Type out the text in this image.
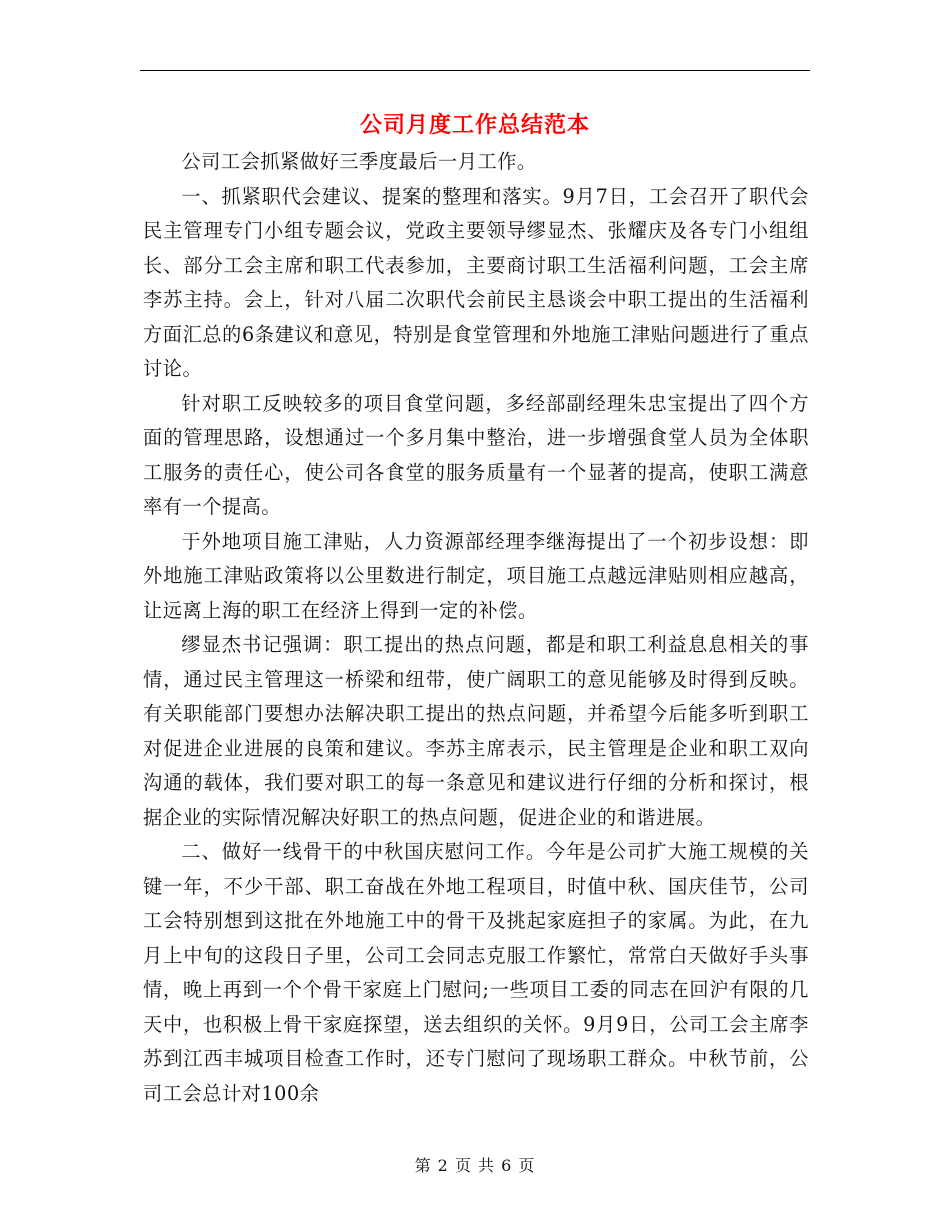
公司月度工作总结范本

公司工会抓紧做好三季度最后一月工作。

一、抓紧职代会建议、提案的整理和落实。9月7日，工会召开了职代会民主管理专门小组专题会议，党政主要领导缪显杰、张耀庆及各专门小组组长、部分工会主席和职工代表参加，主要商讨职工生活福利问题，工会主席李苏主持。会上，针对八届二次职代会前民主恳谈会中职工提出的生活福利方面汇总的6条建议和意见，特别是食堂管理和外地施工津贴问题进行了重点讨论。

针对职工反映较多的项目食堂问题，多经部副经理朱忠宝提出了四个方面的管理思路，设想通过一个多月集中整治，进一步增强食堂人员为全体职工服务的责任心，使公司各食堂的服务质量有一个显著的提高，使职工满意率有一个提高。

于外地项目施工津贴，人力资源部经理李继海提出了一个初步设想：即外地施工津贴政策将以公里数进行制定，项目施工点越远津贴则相应越高，让远离上海的职工在经济上得到一定的补偿。

缪显杰书记强调：职工提出的热点问题，都是和职工利益息息相关的事情，通过民主管理这一桥梁和纽带，使广阔职工的意见能够及时得到反映。有关职能部门要想办法解决职工提出的热点问题，并希望今后能多听到职工对促进企业进展的良策和建议。李苏主席表示，民主管理是企业和职工双向沟通的载体，我们要对职工的每一条意见和建议进行仔细的分析和探讨，根据企业的实际情况解决好职工的热点问题，促进企业的和谐进展。

二、做好一线骨干的中秋国庆慰问工作。今年是公司扩大施工规模的关键一年，不少干部、职工奋战在外地工程项目，时值中秋、国庆佳节，公司工会特别想到这批在外地施工中的骨干及挑起家庭担子的家属。为此，在九月上中旬的这段日子里，公司工会同志克服工作繁忙，常常白天做好手头事情，晚上再到一个个骨干家庭上门慰问;一些项目工委的同志在回沪有限的几天中，也积极上骨干家庭探望，送去组织的关怀。9月9日，公司工会主席李苏到江西丰城项目检查工作时，还专门慰问了现场职工群众。中秋节前，公司工会总计对100余

第 2 页 共 6 页
